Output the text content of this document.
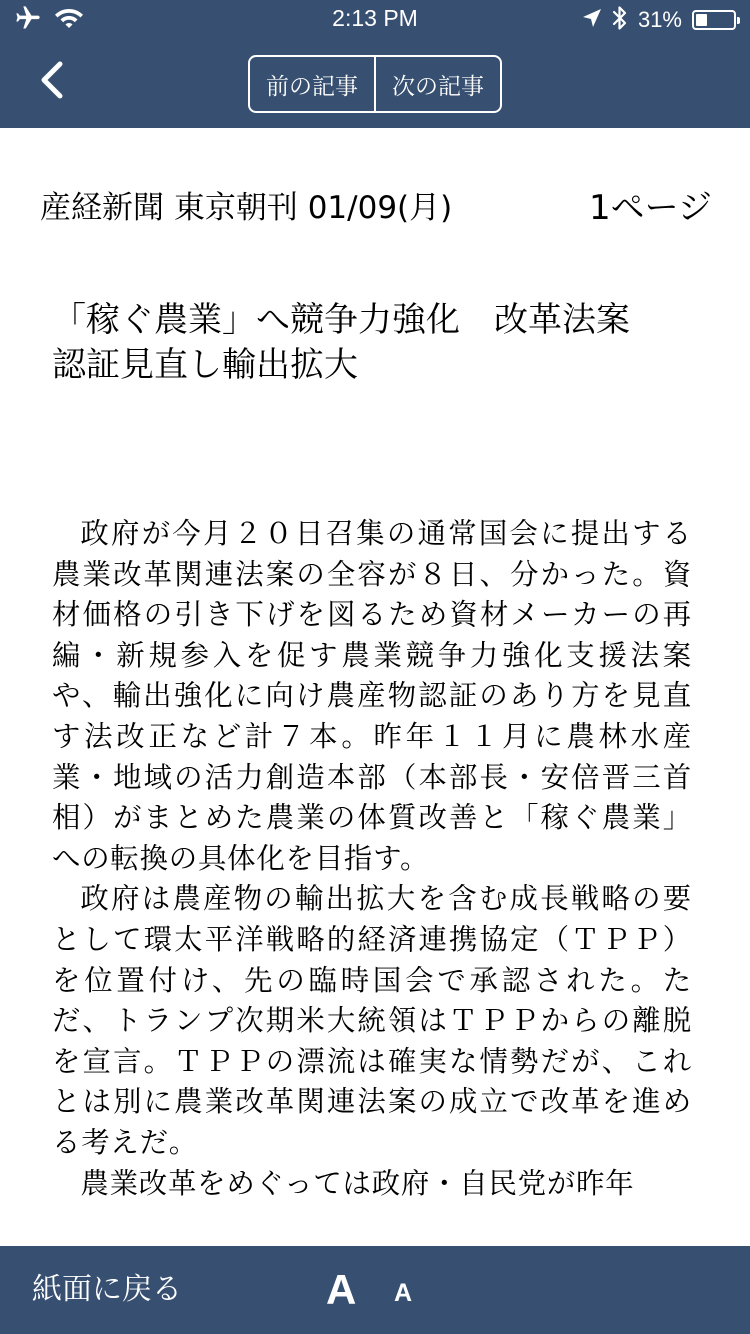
2:13 PM	31%
前の記事	次の記事
産経新聞 東京朝刊 01/09(月)	1ページ
「稼ぐ農業」へ競争力強化　改革法案
認証見直し輸出拡大

政府が今月２０日召集の通常国会に提出する農業改革関連法案の全容が８日、分かった。資材価格の引き下げを図るため資材メーカーの再編・新規参入を促す農業競争力強化支援法案や、輸出強化に向け農産物認証のあり方を見直す法改正など計７本。昨年１１月に農林水産業・地域の活力創造本部（本部長・安倍晋三首相）がまとめた農業の体質改善と「稼ぐ農業」への転換の具体化を目指す。

政府は農産物の輸出拡大を含む成長戦略の要として環太平洋戦略的経済連携協定（ＴＰＰ）を位置付け、先の臨時国会で承認された。ただ、トランプ次期米大統領はＴＰＰからの離脱を宣言。ＴＰＰの漂流は確実な情勢だが、これとは別に農業改革関連法案の成立で改革を進める考えだ。

農業改革をめぐっては政府・自民党が昨年

紙面に戻る	A A
